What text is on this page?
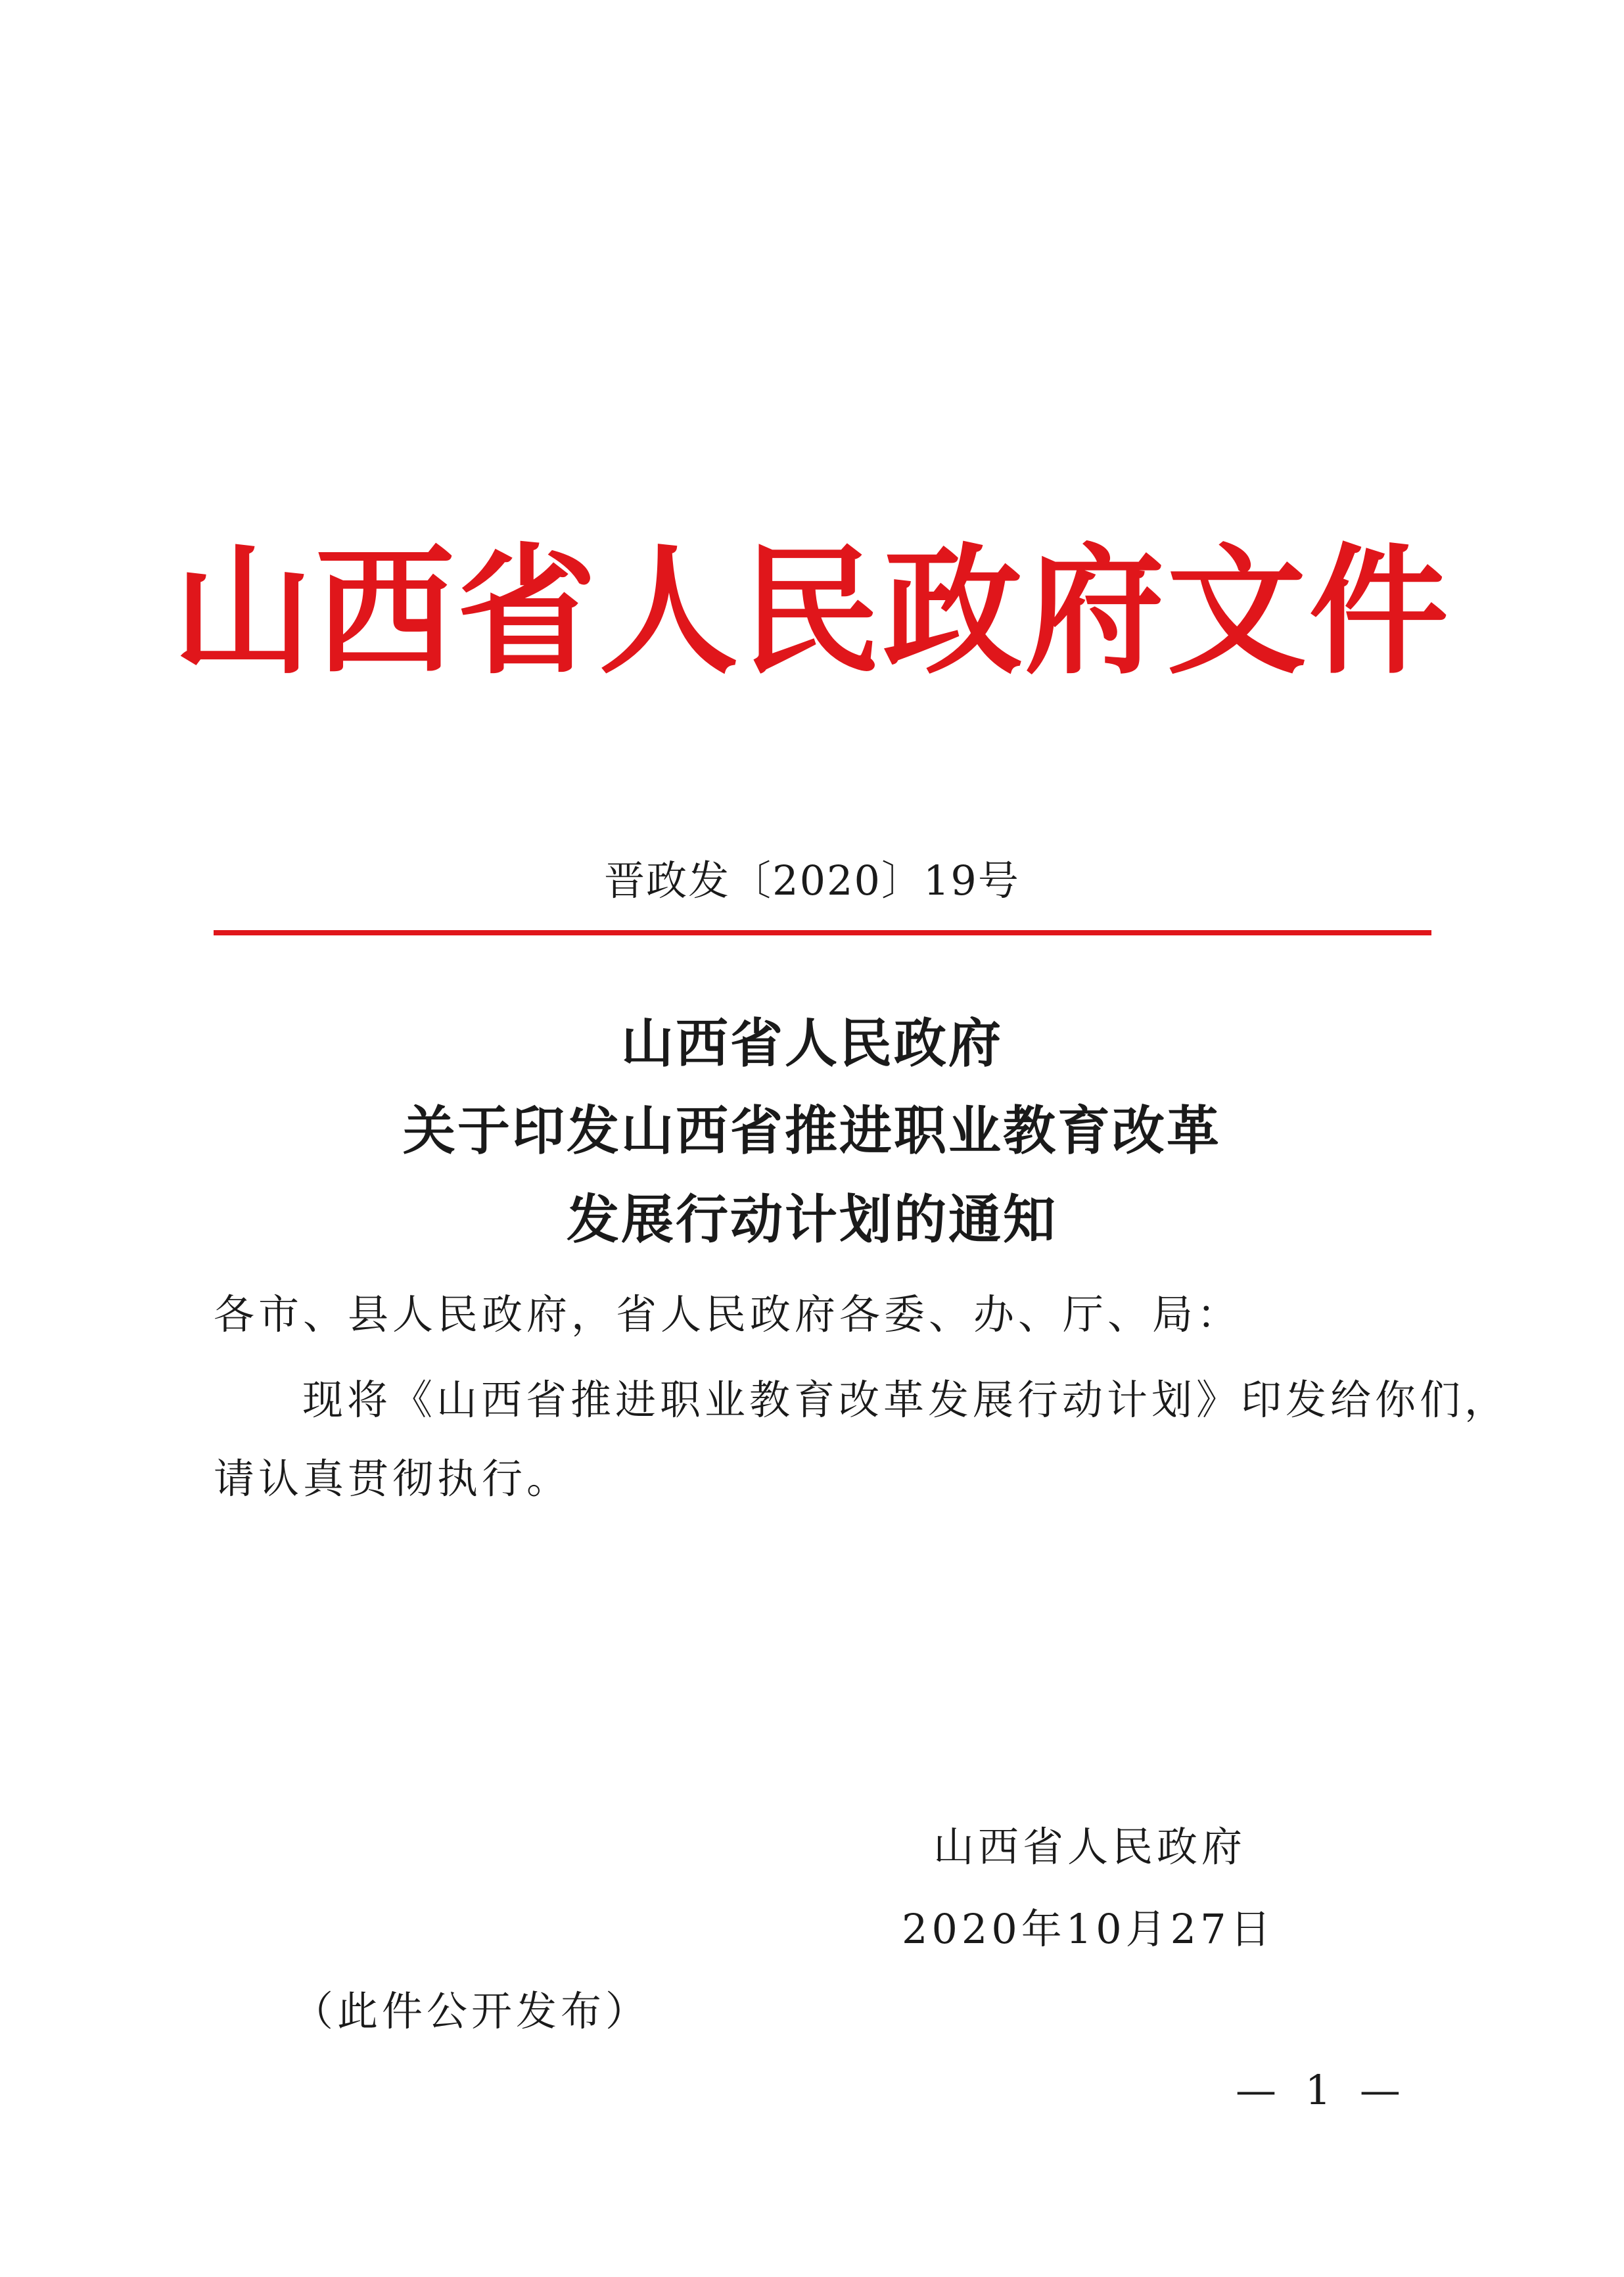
山西省人民政府文件
晋政发〔2020〕19号
山西省人民政府
关于印发山西省推进职业教育改革
发展行动计划的通知
各市、县人民政府，省人民政府各委、办、厅、局：
现将《山西省推进职业教育改革发展行动计划》印发给你们，
请认真贯彻执行。
山西省人民政府
2020年10月27日
（此件公开发布）
— 1 —
